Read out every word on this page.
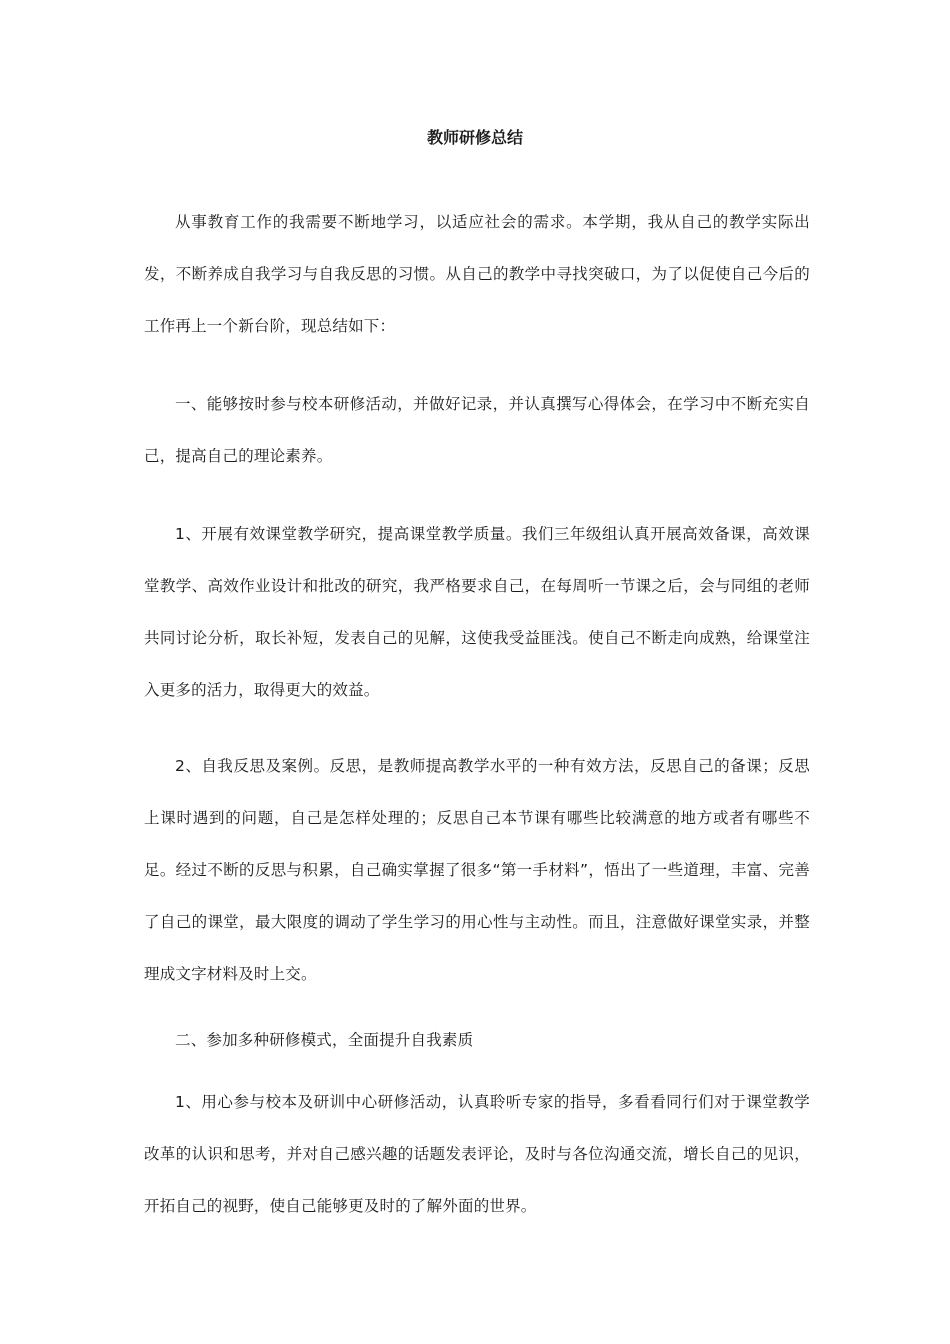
教师研修总结

从事教育工作的我需要不断地学习，以适应社会的需求。本学期，我从自己的教学实际出发，不断养成自我学习与自我反思的习惯。从自己的教学中寻找突破口，为了以促使自己今后的工作再上一个新台阶，现总结如下：

一、能够按时参与校本研修活动，并做好记录，并认真撰写心得体会，在学习中不断充实自己，提高自己的理论素养。

1、开展有效课堂教学研究，提高课堂教学质量。我们三年级组认真开展高效备课，高效课堂教学、高效作业设计和批改的研究，我严格要求自己，在每周听一节课之后，会与同组的老师共同讨论分析，取长补短，发表自己的见解，这使我受益匪浅。使自己不断走向成熟，给课堂注入更多的活力，取得更大的效益。

2、自我反思及案例。反思，是教师提高教学水平的一种有效方法，反思自己的备课；反思上课时遇到的问题，自己是怎样处理的；反思自己本节课有哪些比较满意的地方或者有哪些不足。经过不断的反思与积累，自己确实掌握了很多“第一手材料”，悟出了一些道理，丰富、完善了自己的课堂，最大限度的调动了学生学习的用心性与主动性。而且，注意做好课堂实录，并整理成文字材料及时上交。

二、参加多种研修模式，全面提升自我素质

1、用心参与校本及研训中心研修活动，认真聆听专家的指导，多看看同行们对于课堂教学改革的认识和思考，并对自己感兴趣的话题发表评论，及时与各位沟通交流，增长自己的见识，开拓自己的视野，使自己能够更及时的了解外面的世界。
